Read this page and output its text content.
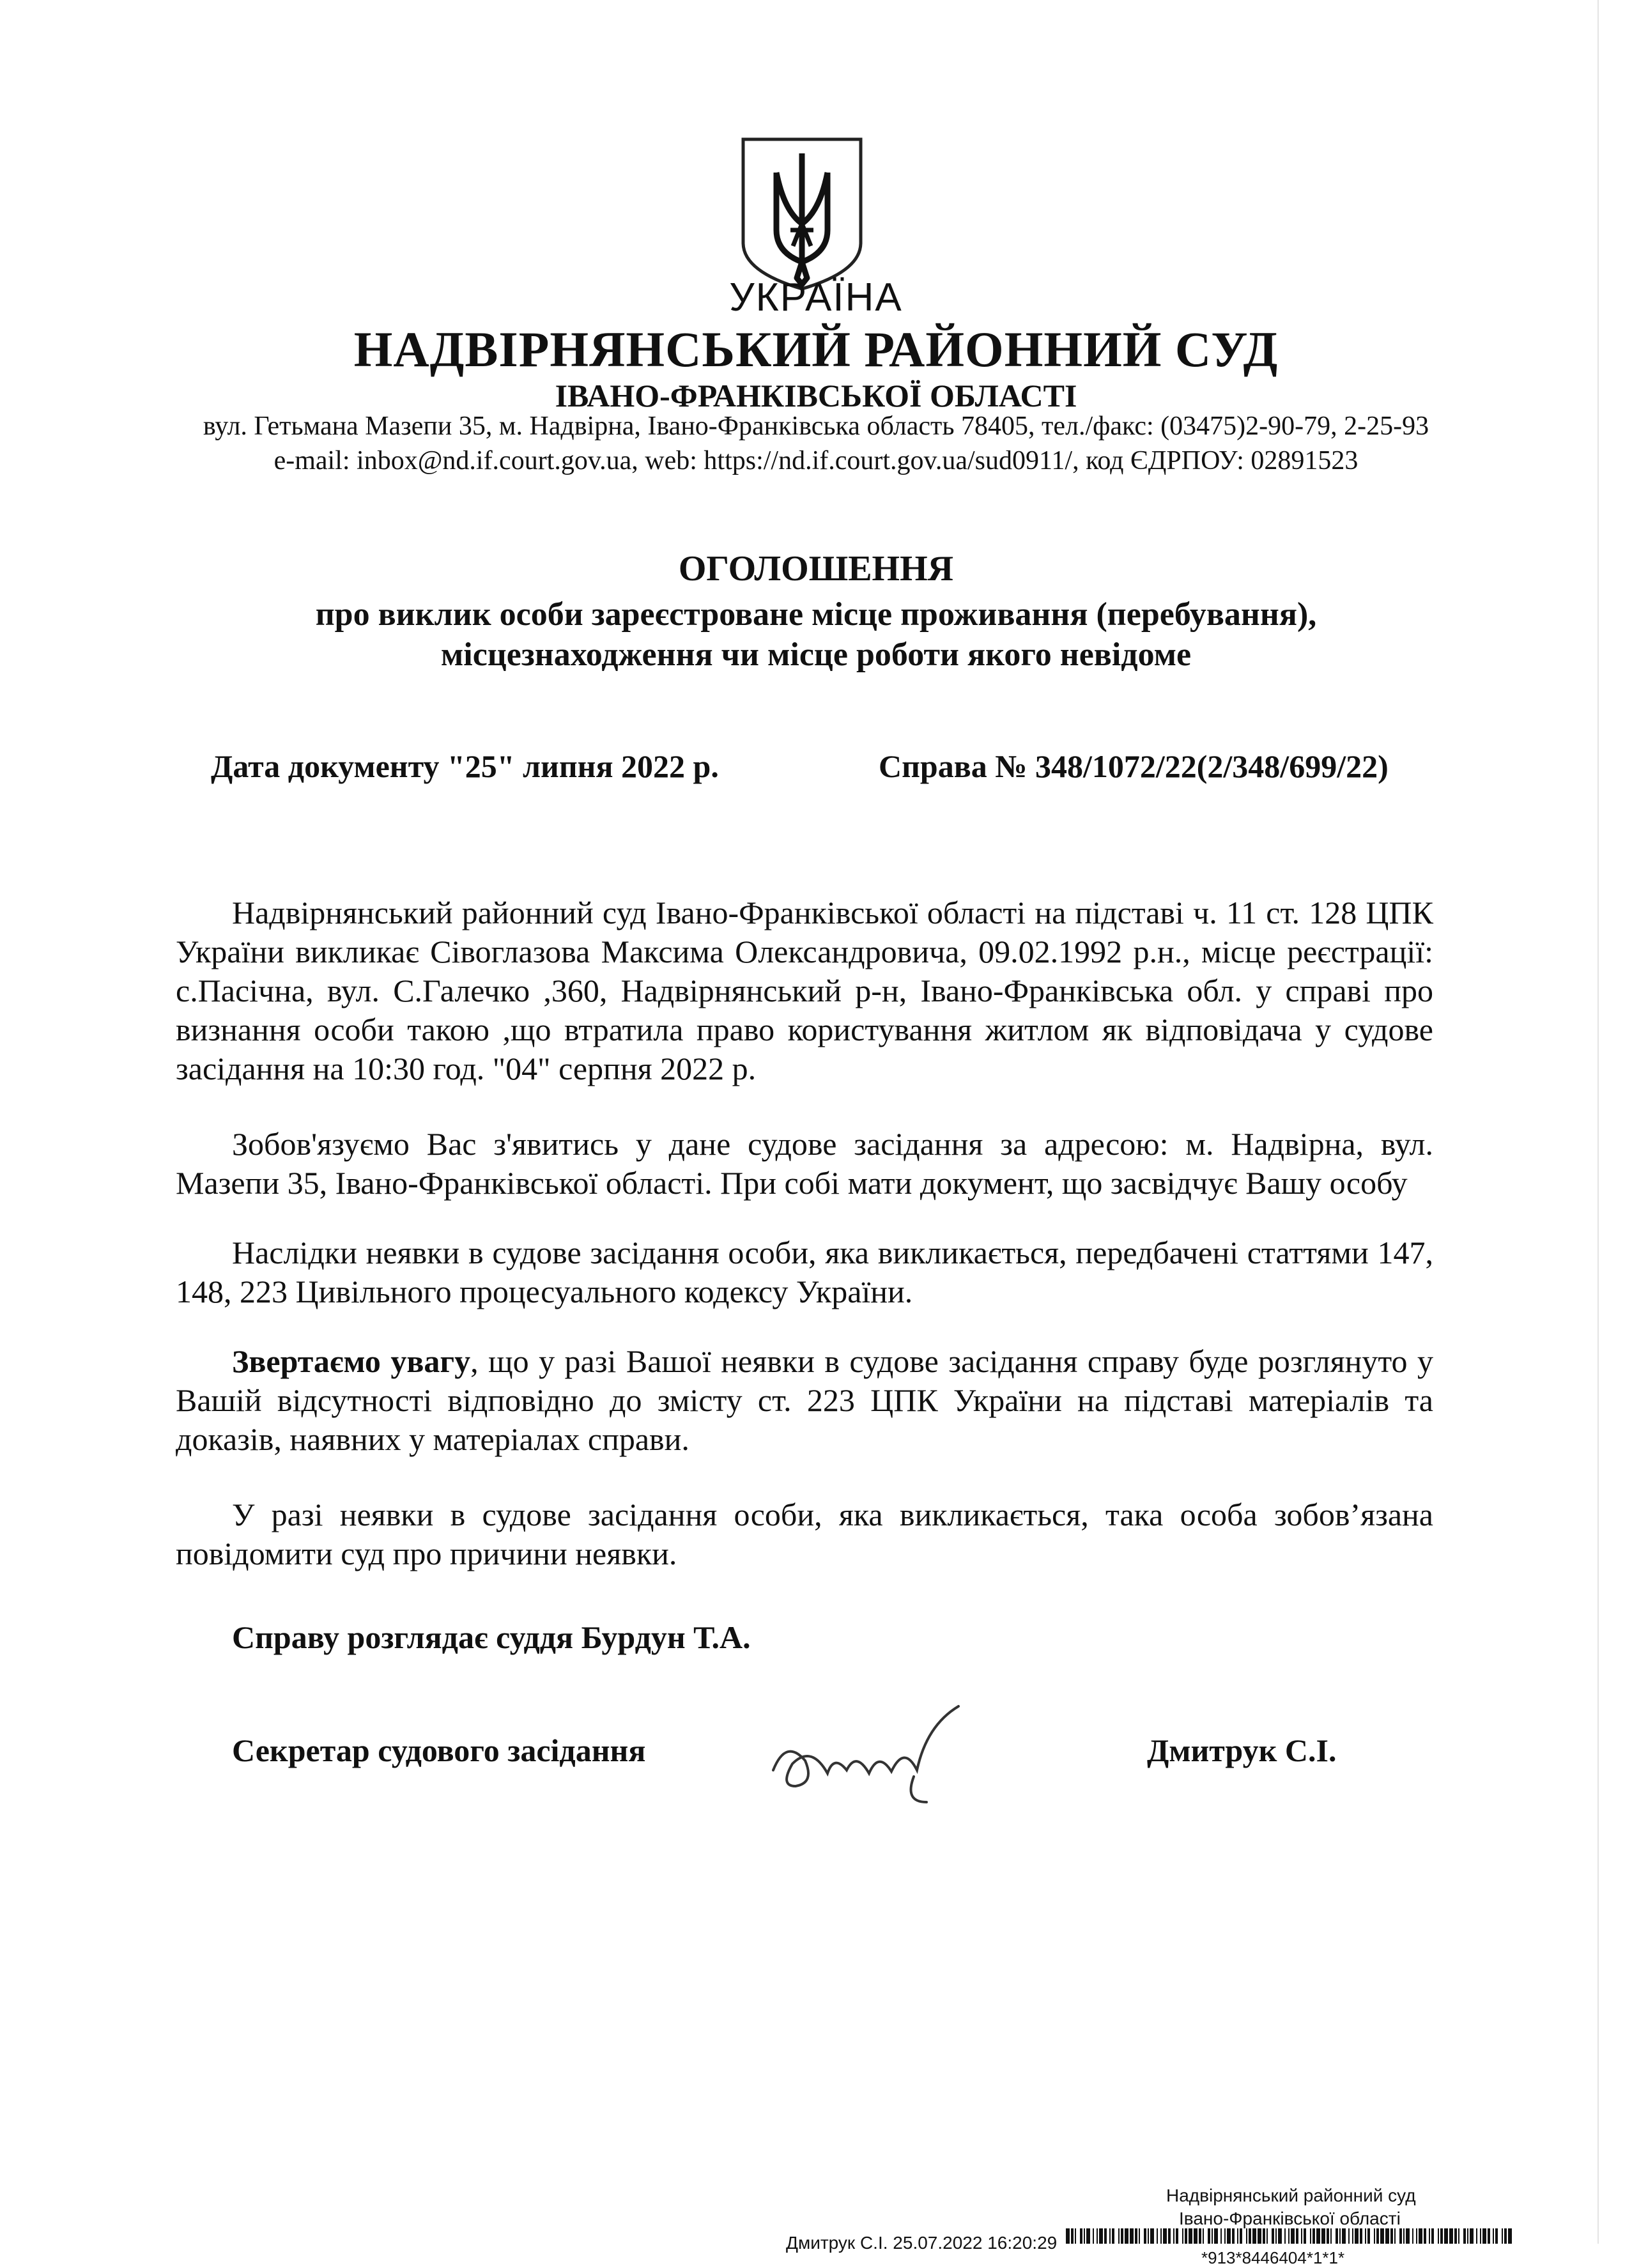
УКРАЇНА
НАДВІРНЯНСЬКИЙ РАЙОННИЙ СУД
ІВАНО-ФРАНКІВСЬКОЇ ОБЛАСТІ
вул. Гетьмана Мазепи 35, м. Надвірна, Івано-Франківська область 78405, тел./факс: (03475)2-90-79, 2-25-93
e-mail: inbox@nd.if.court.gov.ua, web: https://nd.if.court.gov.ua/sud0911/, код ЄДРПОУ: 02891523
ОГОЛОШЕННЯ
про виклик особи зареєстроване місце проживання (перебування),
місцезнаходження чи місце роботи якого невідоме
Дата документу "25" липня 2022 р.	Справа № 348/1072/22(2/348/699/22)

Надвірнянський районний суд Івано-Франківської області на підставі ч. 11 ст. 128 ЦПК України викликає Сівоглазова Максима Олександровича, 09.02.1992 р.н., місце реєстрації: с.Пасічна, вул. С.Галечко ,360, Надвірнянський р-н, Івано-Франківська обл. у справі про визнання особи такою ,що втратила право користування житлом як відповідача у судове засідання на 10:30 год. "04" серпня 2022 р.

Зобов'язуємо Вас з'явитись у дане судове засідання за адресою: м. Надвірна, вул. Мазепи 35, Івано-Франківської області. При собі мати документ, що засвідчує Вашу особу

Наслідки неявки в судове засідання особи, яка викликається, передбачені статтями 147, 148, 223 Цивільного процесуального кодексу України.

Звертаємо увагу, що у разі Вашої неявки в судове засідання справу буде розглянуто у Вашій відсутності відповідно до змісту ст. 223 ЦПК України на підставі матеріалів та доказів, наявних у матеріалах справи.

У разі неявки в судове засідання особи, яка викликається, така особа зобов’язана повідомити суд про причини неявки.

Справу розглядає суддя Бурдун Т.А.
Секретар судового засідання	Дмитрук С.І.
Надвірнянський районний суд
Івано-Франківської області
Дмитрук С.І. 25.07.2022 16:20:29
*913*8446404*1*1*
